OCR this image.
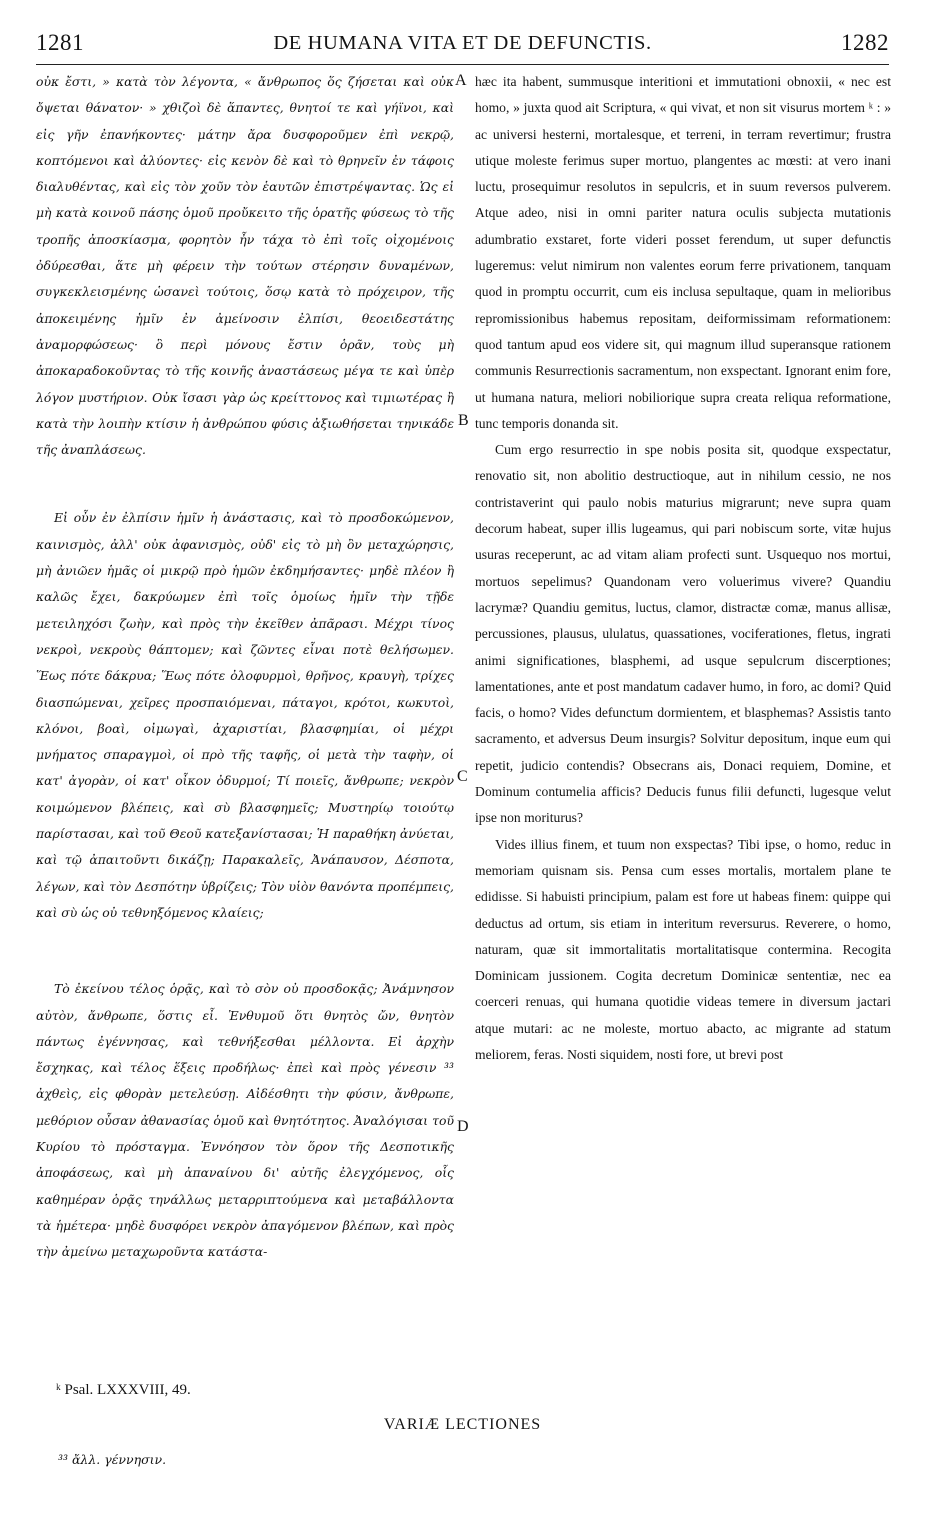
1281	DE HUMANA VITA ET DE DEFUNCTIS.	1282

οὐκ ἔστι, » κατὰ τὸν λέγοντα, « ἄνθρωπος ὅς ζήσεται καὶ οὐκ ὄψεται θάνατον· » χθιζοὶ δὲ ἅπαντες, θνητοί τε καὶ γήϊνοι, καὶ εἰς γῆν ἐπανήκοντες· μάτην ἄρα δυσφοροῦμεν ἐπὶ νεκρῷ, κοπτόμενοι καὶ ἀλύοντες· εἰς κενὸν δὲ καὶ τὸ θρηνεῖν ἐν τάφοις διαλυθέντας, καὶ εἰς τὸν χοῦν τὸν ἑαυτῶν ἐπιστρέψαντας. Ὡς εἰ μὴ κατὰ κοινοῦ πάσης ὁμοῦ προὔκειτο τῆς ὁρατῆς φύσεως τὸ τῆς τροπῆς ἀποσκίασμα, φορητὸν ἦν τάχα τὸ ἐπὶ τοῖς οἰχομένοις ὀδύρεσθαι, ἅτε μὴ φέρειν τὴν τούτων στέρησιν δυναμένων, συγκεκλεισμένης ὡσανεὶ τούτοις, ὅσῳ κατὰ τὸ πρόχειρον, τῆς ἀποκειμένης ἡμῖν ἐν ἀμείνοσιν ἐλπίσι, θεοειδεστάτης ἀναμορφώσεως· ὃ περὶ μόνους ἔστιν ὁρᾶν, τοὺς μὴ ἀποκαραδοκοῦντας τὸ τῆς κοινῆς ἀναστάσεως μέγα τε καὶ ὑπὲρ λόγον μυστήριον. Οὐκ ἴσασι γὰρ ὡς κρείττονος καὶ τιμιωτέρας ἢ κατὰ τὴν λοιπὴν κτίσιν ἡ ἀνθρώπου φύσις ἀξιωθήσεται τηνικάδε τῆς ἀναπλάσεως.

Εἰ οὖν ἐν ἐλπίσιν ἡμῖν ἡ ἀνάστασις, καὶ τὸ προσδοκώμενον, καινισμὸς, ἀλλ' οὐκ ἀφανισμὸς, οὐδ' εἰς τὸ μὴ ὂν μεταχώρησις, μὴ ἀνιῶεν ἡμᾶς οἱ μικρῷ πρὸ ἡμῶν ἐκδημήσαντες· μηδὲ πλέον ἢ καλῶς ἔχει, δακρύωμεν ἐπὶ τοῖς ὁμοίως ἡμῖν τὴν τῇδε μετειληχόσι ζωὴν, καὶ πρὸς τὴν ἐκεῖθεν ἀπᾶρασι. Μέχρι τίνος νεκροὶ, νεκροὺς θάπτομεν; καὶ ζῶντες εἶναι ποτὲ θελήσωμεν. Ἕως πότε δάκρυα; Ἕως πότε ὀλοφυρμοὶ, θρῆνος, κραυγὴ, τρίχες διασπώμεναι, χεῖρες προσπαιόμεναι, πάταγοι, κρότοι, κωκυτοὶ, κλόνοι, βοαὶ, οἰμωγαὶ, ἀχαριστίαι, βλασφημίαι, οἱ μέχρι μνήματος σπαραγμοὶ, οἱ πρὸ τῆς ταφῆς, οἱ μετὰ τὴν ταφὴν, οἱ κατ' ἀγορὰν, οἱ κατ' οἶκον ὀδυρμοί; Τί ποιεῖς, ἄνθρωπε; νεκρὸν κοιμώμενον βλέπεις, καὶ σὺ βλασφημεῖς; Μυστηρίῳ τοιούτῳ παρίστασαι, καὶ τοῦ Θεοῦ κατεξανίστασαι; Ἡ παραθήκη ἀνύεται, καὶ τῷ ἀπαιτοῦντι δικάζῃ; Παρακαλεῖς, Ἀνάπαυσον, Δέσποτα, λέγων, καὶ τὸν Δεσπότην ὑβρίζεις; Τὸν υἱὸν θανόντα προπέμπεις, καὶ σὺ ὡς οὐ τεθνηξόμενος κλαίεις;

Τὸ ἐκείνου τέλος ὁρᾷς, καὶ τὸ σὸν οὐ προσδοκᾷς; Ἀνάμνησον αὐτὸν, ἄνθρωπε, ὅστις εἶ. Ἐνθυμοῦ ὅτι θνητὸς ὤν, θνητὸν πάντως ἐγέννησας, καὶ τεθνήξεσθαι μέλλοντα. Εἰ ἀρχὴν ἔσχηκας, καὶ τέλος ἕξεις προδήλως· ἐπεὶ καὶ πρὸς γένεσιν ³³ ἀχθεὶς, εἰς φθορὰν μετελεύσῃ. Αἰδέσθητι τὴν φύσιν, ἄνθρωπε, μεθόριον οὖσαν ἀθανασίας ὁμοῦ καὶ θνητότητος. Ἀναλόγισαι τοῦ Κυρίου τὸ πρόσταγμα. Ἐννόησον τὸν ὅρον τῆς Δεσποτικῆς ἀποφάσεως, καὶ μὴ ἀπαναίνου δι' αὐτῆς ἐλεγχόμενος, οἷς καθημέραν ὁρᾷς τηνάλλως μεταρριπτούμενα καὶ μεταβάλλοντα τὰ ἡμέτερα· μηδὲ δυσφόρει νεκρὸν ἀπαγόμενον βλέπων, καὶ πρὸς τὴν ἀμείνω μεταχωροῦντα κατάστα-

A
B
C
D

hæc ita habent, summusque interitioni et immutationi obnoxii, « nec est homo, » juxta quod ait Scriptura, « qui vivat, et non sit visurus mortem ᵏ : » ac universi hesterni, mortalesque, et terreni, in terram revertimur; frustra utique moleste ferimus super mortuo, plangentes ac mœsti: at vero inani luctu, prosequimur resolutos in sepulcris, et in suum reversos pulverem. Atque adeo, nisi in omni pariter natura oculis subjecta mutationis adumbratio exstaret, forte videri posset ferendum, ut super defunctis lugeremus: velut nimirum non valentes eorum ferre privationem, tanquam quod in promptu occurrit, cum eis inclusa sepultaque, quam in melioribus repromissionibus habemus repositam, deiformissimam reformationem: quod tantum apud eos videre sit, qui magnum illud superansque rationem communis Resurrectionis sacramentum, non exspectant. Ignorant enim fore, ut humana natura, meliori nobiliorique supra creata reliqua reformatione, tunc temporis donanda sit.

Cum ergo resurrectio in spe nobis posita sit, quodque exspectatur, renovatio sit, non abolitio destructioque, aut in nihilum cessio, ne nos contristaverint qui paulo nobis maturius migrarunt; neve supra quam decorum habeat, super illis lugeamus, qui pari nobiscum sorte, vitæ hujus usuras receperunt, ac ad vitam aliam profecti sunt. Usquequo nos mortui, mortuos sepelimus? Quandonam vero voluerimus vivere? Quandiu lacrymæ? Quandiu gemitus, luctus, clamor, distractæ comæ, manus allisæ, percussiones, plausus, ululatus, quassationes, vociferationes, fletus, ingrati animi significationes, blasphemi, ad usque sepulcrum discerptiones; lamentationes, ante et post mandatum cadaver humo, in foro, ac domi? Quid facis, o homo? Vides defunctum dormientem, et blasphemas? Assistis tanto sacramento, et adversus Deum insurgis? Solvitur depositum, inque eum qui repetit, judicio contendis? Obsecrans ais, Donaci requiem, Domine, et Dominum contumelia afficis? Deducis funus filii defuncti, lugesque velut ipse non moriturus?

Vides illius finem, et tuum non exspectas? Tibi ipse, o homo, reduc in memoriam quisnam sis. Pensa cum esses mortalis, mortalem plane te edidisse. Si habuisti principium, palam est fore ut habeas finem: quippe qui deductus ad ortum, sis etiam in interitum reversurus. Reverere, o homo, naturam, quæ sit immortalitatis mortalitatisque conterminа. Recogita Dominicam jussionem. Cogita decretum Dominicæ sententiæ, nec ea coerceri renuas, qui humana quotidie videas temere in diversum jactari atque mutari: ac ne moleste, mortuo abacto, ac migrante ad statum meliorem, feras. Nosti siquidem, nosti fore, ut brevi post

ᵏ Psal. LXXXVIII, 49.
VARIÆ LECTIONES
³³ ἄλλ. γέννησιν.
